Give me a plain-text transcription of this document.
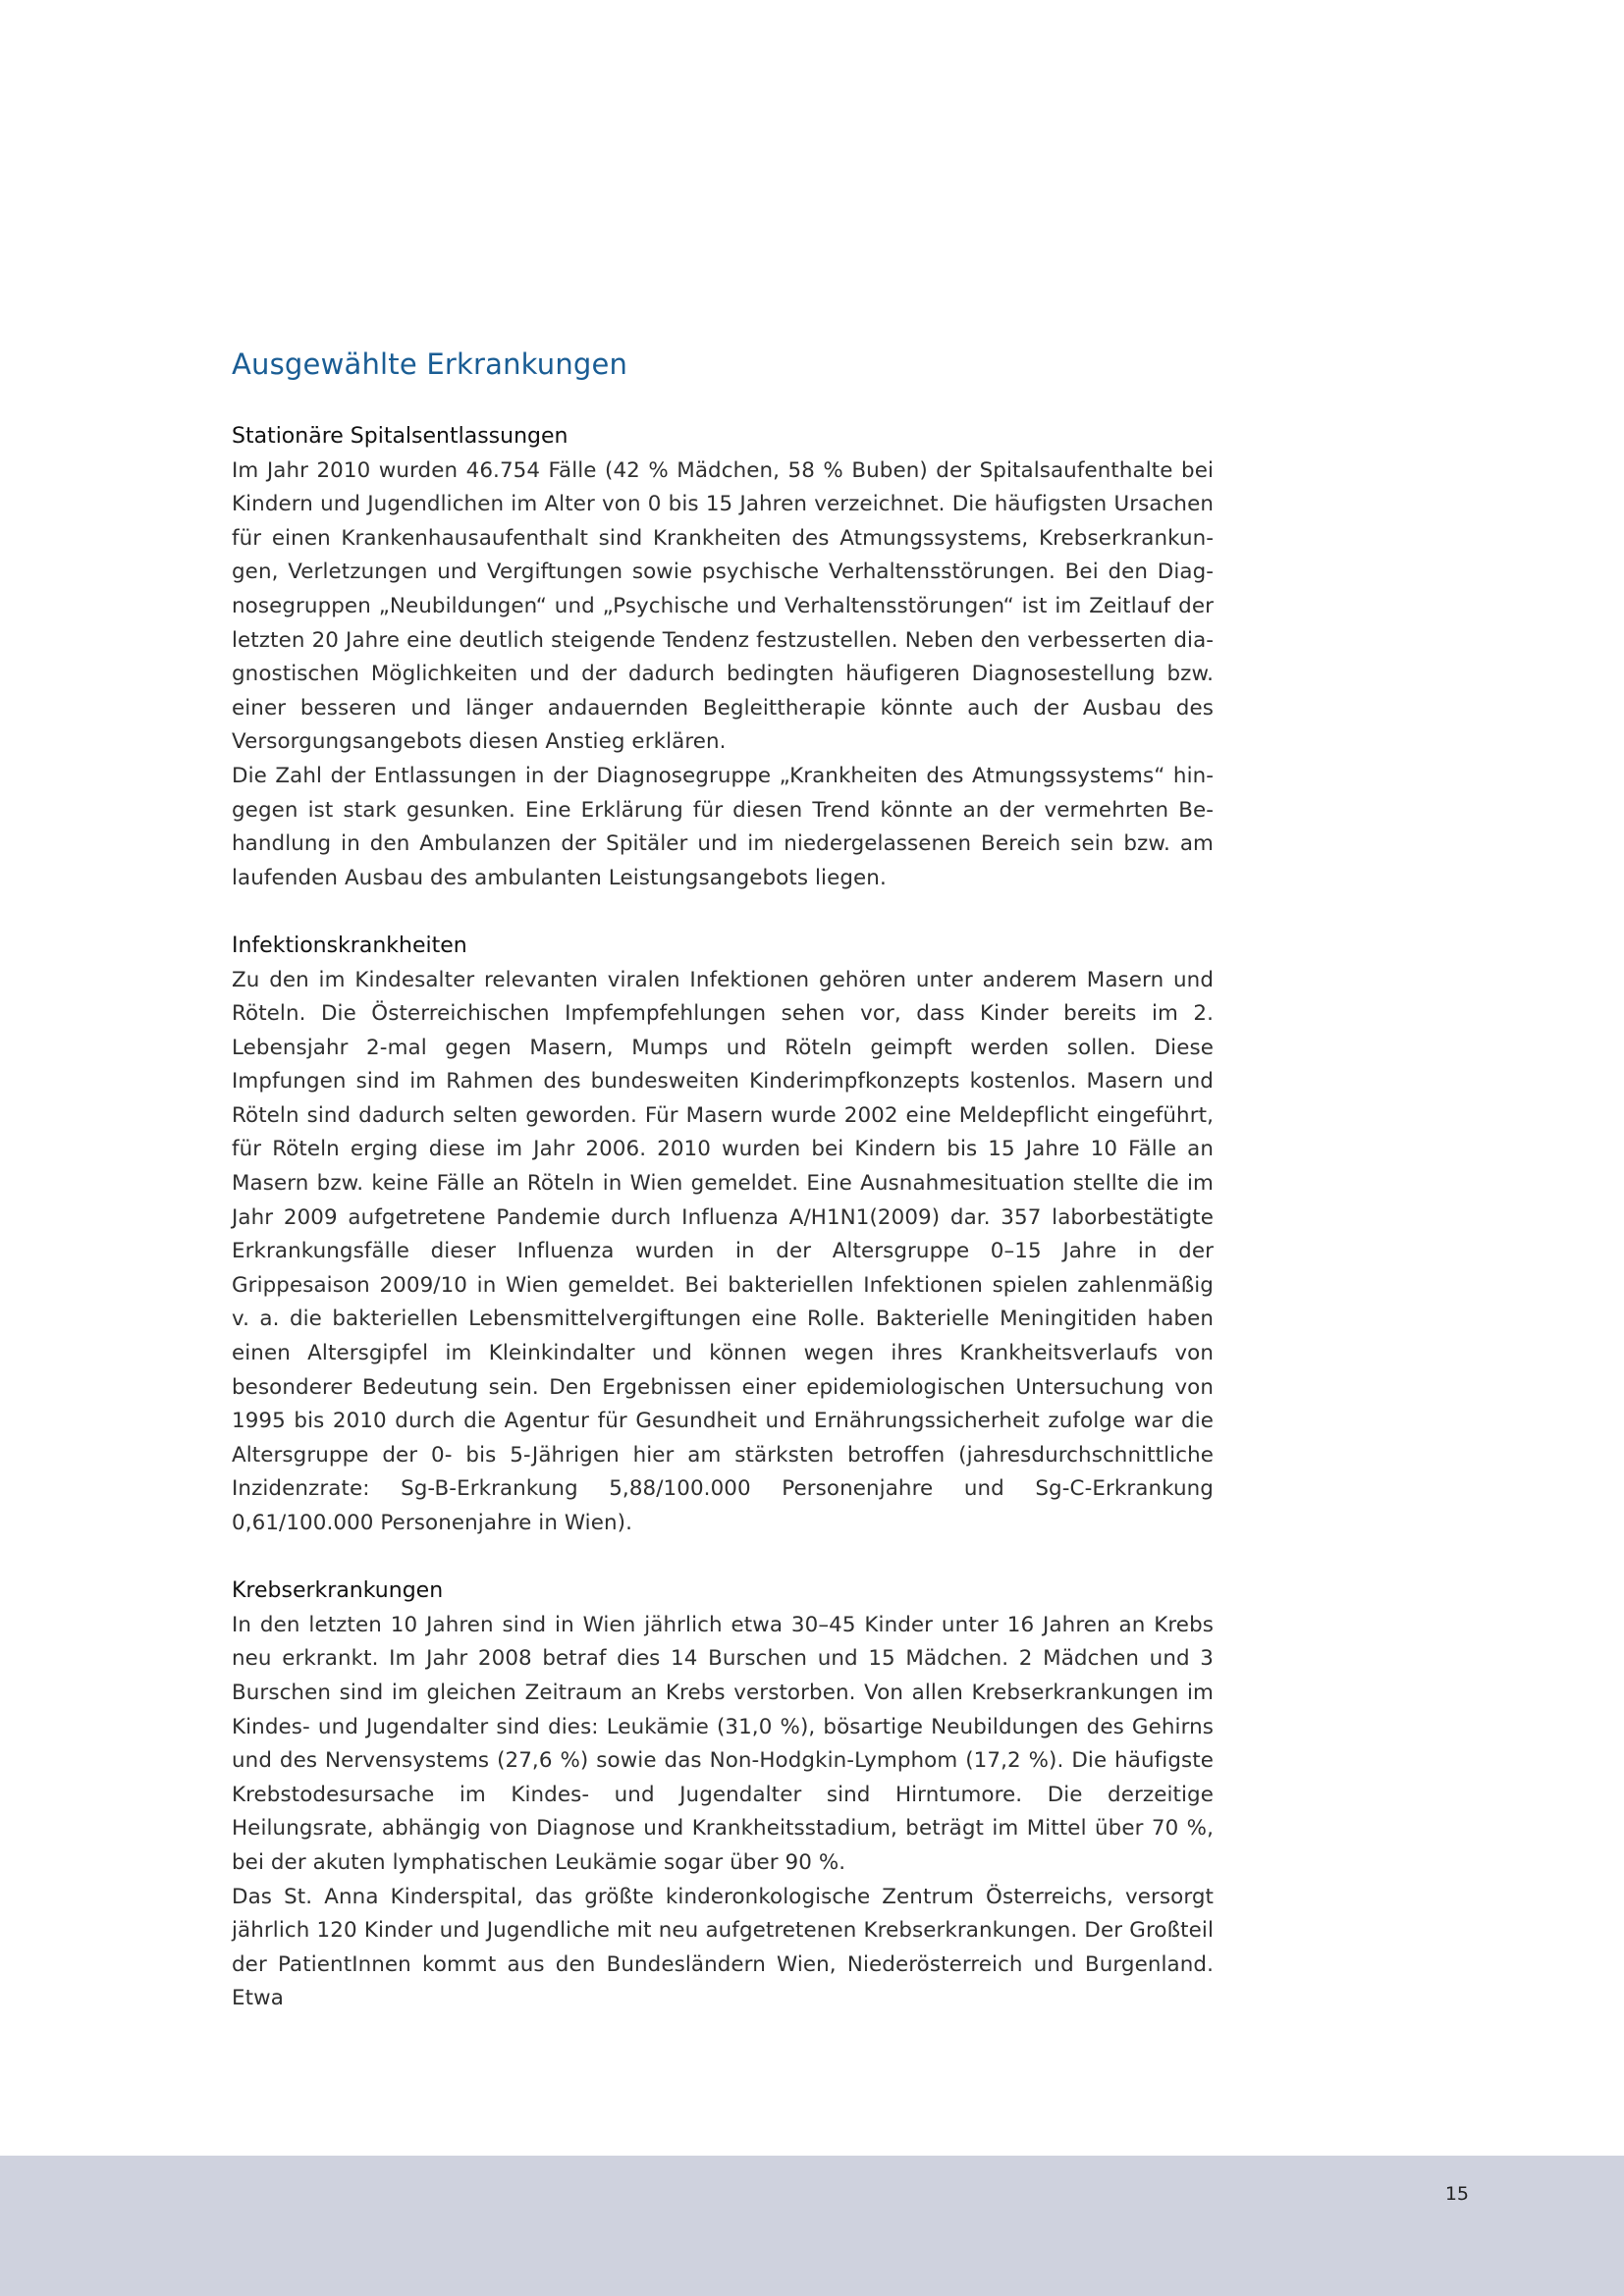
Ausgewählte Erkrankungen
Stationäre Spitalsentlassungen

Im Jahr 2010 wurden 46.754 Fälle (42 % Mädchen, 58 % Buben) der Spitalsaufenthalte bei Kindern und Jugendlichen im Alter von 0 bis 15 Jahren verzeichnet. Die häufigsten Ursachen für einen Krankenhausaufenthalt sind Krankheiten des Atmungssystems, Krebserkrankungen, Verletzungen und Vergiftungen sowie psychische Verhaltensstörungen. Bei den Diagnosegruppen „Neubildungen“ und „Psychische und Verhaltensstörungen“ ist im Zeitlauf der letzten 20 Jahre eine deutlich steigende Tendenz festzustellen. Neben den verbesserten diagnostischen Möglichkeiten und der dadurch bedingten häufigeren Diagnosestellung bzw. einer besseren und länger andauernden Begleittherapie könnte auch der Ausbau des Versorgungsangebots diesen Anstieg erklären.

Die Zahl der Entlassungen in der Diagnosegruppe „Krankheiten des Atmungssystems“ hingegen ist stark gesunken. Eine Erklärung für diesen Trend könnte an der vermehrten Behandlung in den Ambulanzen der Spitäler und im niedergelassenen Bereich sein bzw. am laufenden Ausbau des ambulanten Leistungsangebots liegen.

Infektionskrankheiten

Zu den im Kindesalter relevanten viralen Infektionen gehören unter anderem Masern und Röteln. Die Österreichischen Impfempfehlungen sehen vor, dass Kinder bereits im 2. Lebensjahr 2-mal gegen Masern, Mumps und Röteln geimpft werden sollen. Diese Impfungen sind im Rahmen des bundesweiten Kinderimpfkonzepts kostenlos. Masern und Röteln sind dadurch selten geworden. Für Masern wurde 2002 eine Meldepflicht eingeführt, für Röteln erging diese im Jahr 2006. 2010 wurden bei Kindern bis 15 Jahre 10 Fälle an Masern bzw. keine Fälle an Röteln in Wien gemeldet. Eine Ausnahmesituation stellte die im Jahr 2009 aufgetretene Pandemie durch Influenza A/H1N1(2009) dar. 357 laborbestätigte Erkrankungsfälle dieser Influenza wurden in der Altersgruppe 0–15 Jahre in der Grippesaison 2009/10 in Wien gemeldet. Bei bakteriellen Infektionen spielen zahlenmäßig v. a. die bakteriellen Lebensmittelvergiftungen eine Rolle. Bakterielle Meningitiden haben einen Altersgipfel im Kleinkindalter und können wegen ihres Krankheitsverlaufs von besonderer Bedeutung sein. Den Ergebnissen einer epidemiologischen Untersuchung von 1995 bis 2010 durch die Agentur für Gesundheit und Ernährungssicherheit zufolge war die Altersgruppe der 0- bis 5-Jährigen hier am stärksten betroffen (jahresdurchschnittliche Inzidenzrate: Sg-B-Erkrankung 5,88/100.000 Personenjahre und Sg-C-Erkrankung 0,61/100.000 Personenjahre in Wien).

Krebserkrankungen

In den letzten 10 Jahren sind in Wien jährlich etwa 30–45 Kinder unter 16 Jahren an Krebs neu erkrankt. Im Jahr 2008 betraf dies 14 Burschen und 15 Mädchen. 2 Mädchen und 3 Burschen sind im gleichen Zeitraum an Krebs verstorben. Von allen Krebserkrankungen im Kindes- und Jugendalter sind dies: Leukämie (31,0 %), bösartige Neubildungen des Gehirns und des Nervensystems (27,6 %) sowie das Non-Hodgkin-Lymphom (17,2 %). Die häufigste Krebstodesursache im Kindes- und Jugendalter sind Hirntumore. Die derzeitige Heilungsrate, abhängig von Diagnose und Krankheitsstadium, beträgt im Mittel über 70 %, bei der akuten lymphatischen Leukämie sogar über 90 %.

Das St. Anna Kinderspital, das größte kinderonkologische Zentrum Österreichs, versorgt jährlich 120 Kinder und Jugendliche mit neu aufgetretenen Krebserkrankungen. Der Großteil der PatientInnen kommt aus den Bundesländern Wien, Niederösterreich und Burgenland. Etwa

15
